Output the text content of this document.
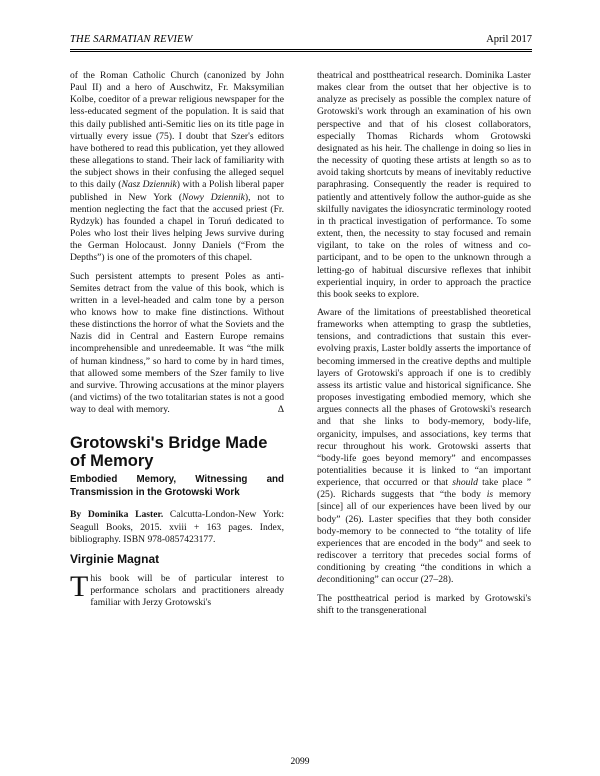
THE SARMATIAN REVIEW	April 2017

of the Roman Catholic Church (canonized by John Paul II) and a hero of Auschwitz, Fr. Maksymilian Kolbe, coeditor of a prewar religious newspaper for the less-educated segment of the population. It is said that this daily published anti-Semitic lies on its title page in virtually every issue (75). I doubt that Szer's editors have bothered to read this publication, yet they allowed these allegations to stand. Their lack of familiarity with the subject shows in their confusing the alleged sequel to this daily (Nasz Dziennik) with a Polish liberal paper published in New York (Nowy Dziennik), not to mention neglecting the fact that the accused priest (Fr. Rydzyk) has founded a chapel in Toruń dedicated to Poles who lost their lives helping Jews survive during the German Holocaust. Jonny Daniels (“From the Depths”) is one of the promoters of this chapel.

Such persistent attempts to present Poles as anti-Semites detract from the value of this book, which is written in a level-headed and calm tone by a person who knows how to make fine distinctions. Without these distinctions the horror of what the Soviets and the Nazis did in Central and Eastern Europe remains incomprehensible and unredeemable. It was “the milk of human kindness,” so hard to come by in hard times, that allowed some members of the Szer family to live and survive. Throwing accusations at the minor players (and victims) of the two totalitarian states is not a good way to deal with memory.	Δ

Grotowski's Bridge Made of Memory
Embodied Memory, Witnessing and Transmission in the Grotowski Work

By Dominika Laster. Calcutta-London-New York: Seagull Books, 2015. xviii + 163 pages. Index, bibliography. ISBN 978-0857423177.

Virginie Magnat

This book will be of particular interest to performance scholars and practitioners already familiar with Jerzy Grotowski's

theatrical and posttheatrical research. Dominika Laster makes clear from the outset that her objective is to analyze as precisely as possible the complex nature of Grotowski's work through an examination of his own perspective and that of his closest collaborators, especially Thomas Richards whom Grotowski designated as his heir. The challenge in doing so lies in the necessity of quoting these artists at length so as to avoid taking shortcuts by means of inevitably reductive paraphrasing. Consequently the reader is required to patiently and attentively follow the author-guide as she skilfully navigates the idiosyncratic terminology rooted in th practical investigation of performance. To some extent, then, the necessity to stay focused and remain vigilant, to take on the roles of witness and co-participant, and to be open to the unknown through a letting-go of habitual discursive reflexes that inhibit experiential inquiry, in order to approach the practice this book seeks to explore.

Aware of the limitations of preestablished theoretical frameworks when attempting to grasp the subtleties, tensions, and contradictions that sustain this ever-evolving praxis, Laster boldly asserts the importance of becoming immersed in the creative depths and multiple layers of Grotowski's approach if one is to credibly assess its artistic value and historical significance. She proposes investigating embodied memory, which she argues connects all the phases of Grotowski's research and that she links to body-memory, body-life, organicity, impulses, and associations, key terms that recur throughout his work. Grotowski asserts that “body-life goes beyond memory” and encompasses potentialities because it is linked to “an important experience, that occurred or that should take place ” (25). Richards suggests that “the body is memory [since] all of our experiences have been lived by our body” (26). Laster specifies that they both consider body-memory to be connected to “the totality of life experiences that are encoded in the body” and seek to rediscover a territory that precedes social forms of conditioning by creating “the conditions in which a deconditioning” can occur (27–28).

The posttheatrical period is marked by Grotowski's shift to the transgenerational

2099
